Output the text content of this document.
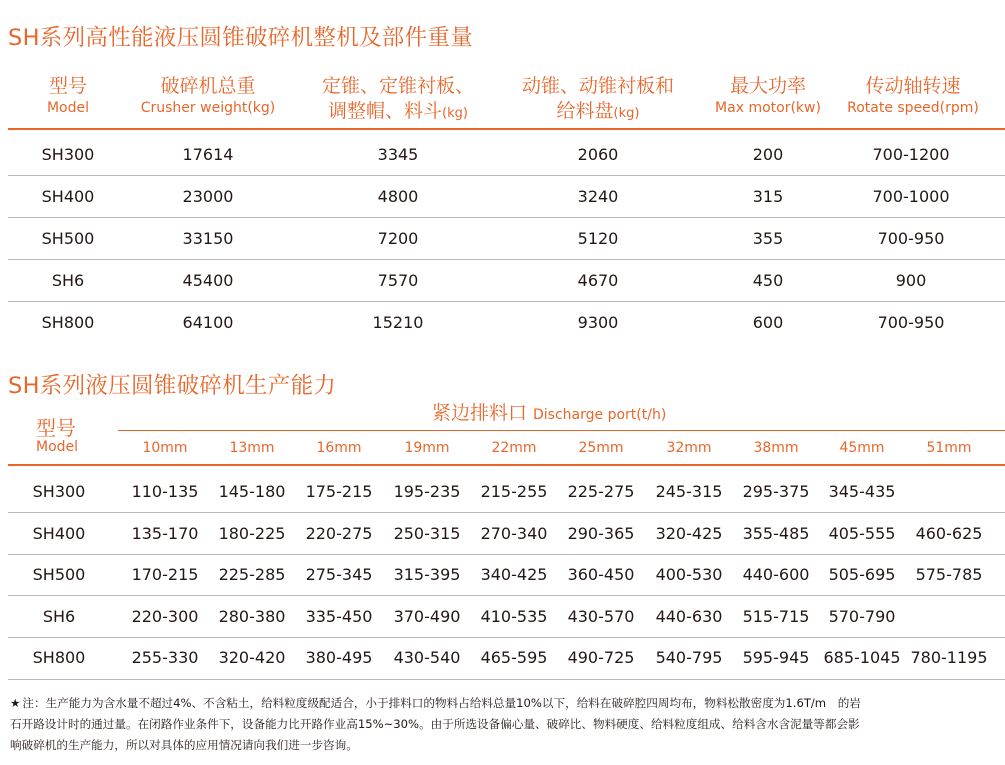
SH系列高性能液压圆锥破碎机整机及部件重量
型号
Model
破碎机总重
Crusher weight(kg)
定锥、定锥衬板、
调整帽、料斗(kg)
动锥、动锥衬板和
给料盘(kg)
最大功率
Max motor(kw)
传动轴转速
Rotate speed(rpm)
SH300	17614	3345	2060	200	700-1200
SH400	23000	4800	3240	315	700-1000
SH500	33150	7200	5120	355	700-950
SH6	45400	7570	4670	450	900
SH800	64100	15210	9300	600	700-950
SH系列液压圆锥破碎机生产能力
型号
Model
紧边排料口 Discharge port(t/h)
10mm	13mm	16mm	19mm	22mm	25mm	32mm	38mm	45mm	51mm
SH300	110-135 145-180 175-215 195-235 215-255 225-275 245-315 295-375 345-435
SH400	135-170 180-225 220-275 250-315 270-340 290-365 320-425 355-485 405-555 460-625
SH500	170-215 225-285 275-345 315-395 340-425 360-450 400-530 440-600 505-695 575-785
SH6	220-300 280-380 335-450 370-490 410-535 430-570 440-630 515-715 570-790
SH800	255-330 320-420 380-495 430-540 465-595 490-725 540-795 595-945 685-1045 780-1195
★ 注：生产能力为含水量不超过4%、不含粘土，给料粒度级配适合，小于排料口的物料占给料总量10%以下，给料在破碎腔四周均布，物料松散密度为1.6T/m　的岩
石开路设计时的通过量。在闭路作业条件下，设备能力比开路作业高15%~30%。由于所选设备偏心量、破碎比、物料硬度、给料粒度组成、给料含水含泥量等都会影
响破碎机的生产能力，所以对具体的应用情况请向我们进一步咨询。
